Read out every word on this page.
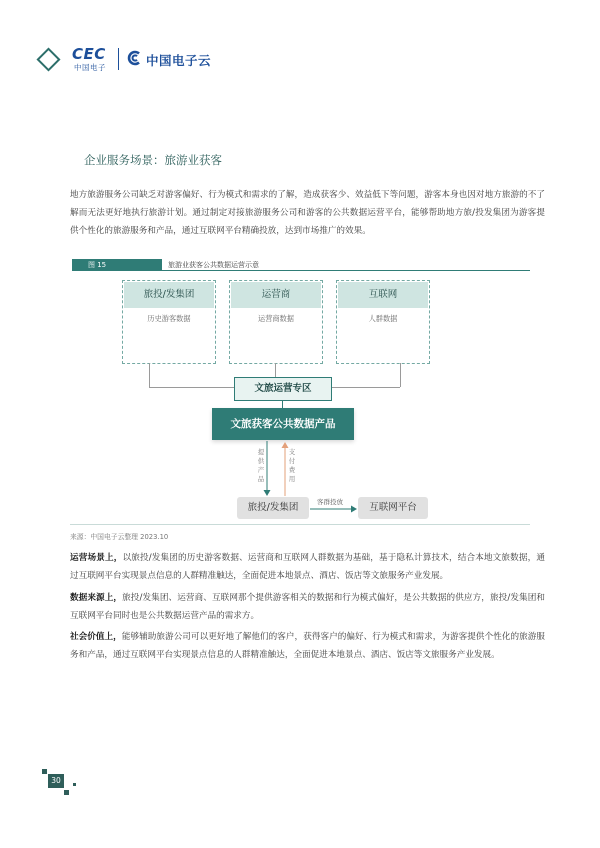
CEC
中国电子	中国电子云
企业服务场景：旅游业获客
地方旅游服务公司缺乏对游客偏好、行为模式和需求的了解，造成获客少、效益低下等问题，游客本身也因对地方旅游的不了解而无法更好地执行旅游计划。通过制定对接旅游服务公司和游客的公共数据运营平台，能够帮助地方旅/投发集团为游客提供个性化的旅游服务和产品，通过互联网平台精确投放，达到市场推广的效果。
图 15	旅游业获客公共数据运营示意
旅投/发集团
历史游客数据
运营商
运营商数据
互联网
人群数据
文旅运营专区
文旅获客公共数据产品
提供产品
支付费用
旅投/发集团	客群投放	互联网平台
来源：中国电子云整理 2023.10
运营场景上，以旅投/发集团的历史游客数据、运营商和互联网人群数据为基础，基于隐私计算技术，结合本地文旅数据，通过互联网平台实现景点信息的人群精准触达，全面促进本地景点、酒店、饭店等文旅服务产业发展。
数据来源上，旅投/发集团、运营商、互联网那个提供游客相关的数据和行为模式偏好，是公共数据的供应方，旅投/发集团和互联网平台同时也是公共数据运营产品的需求方。
社会价值上，能够辅助旅游公司可以更好地了解他们的客户，获得客户的偏好、行为模式和需求，为游客提供个性化的旅游服务和产品，通过互联网平台实现景点信息的人群精准触达，全面促进本地景点、酒店、饭店等文旅服务产业发展。
30
